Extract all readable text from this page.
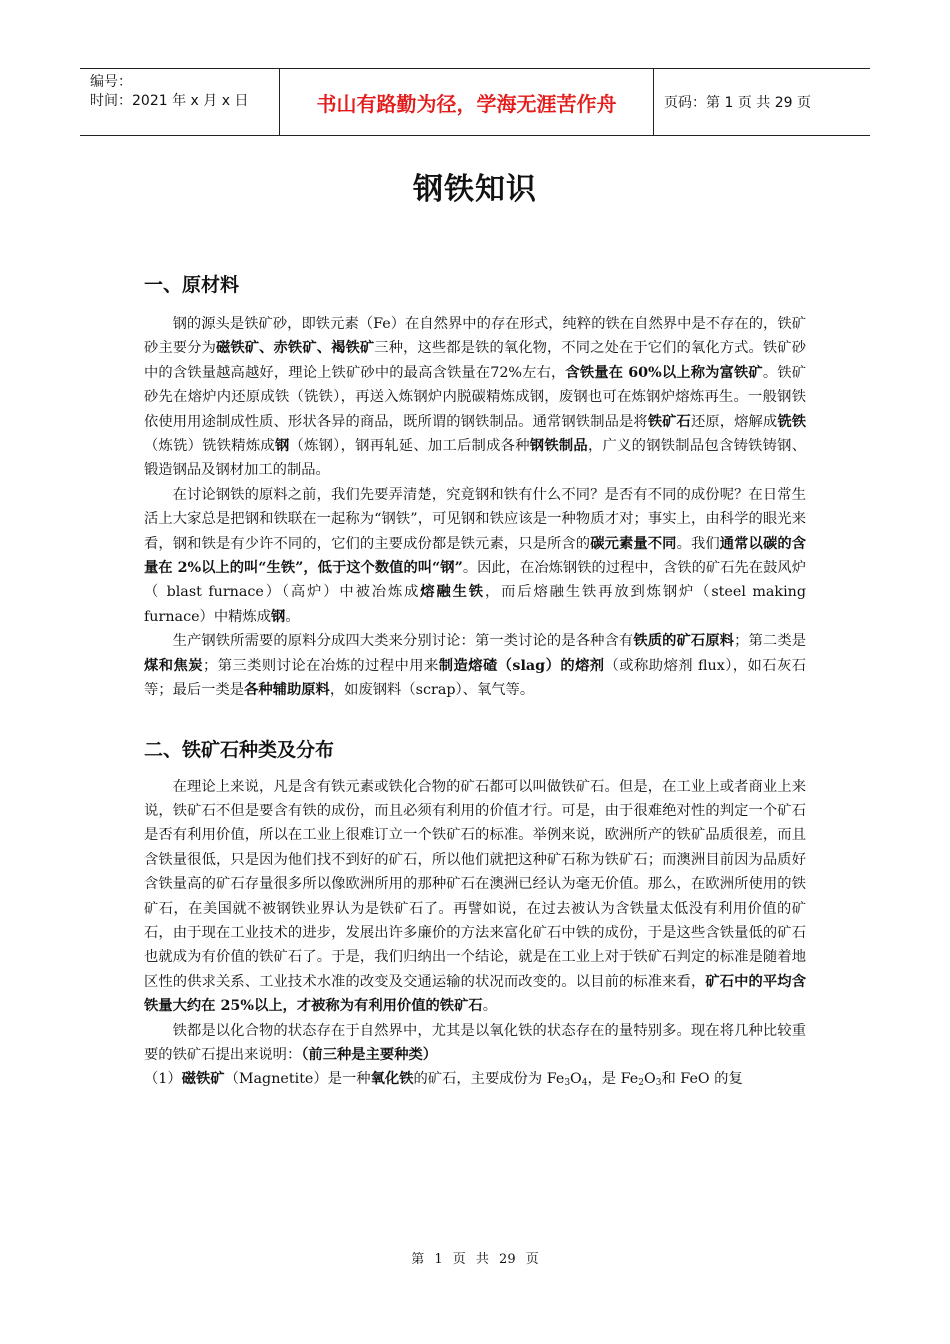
编号：
时间：2021 年 x 月 x 日	书山有路勤为径，学海无涯苦作舟	页码：第 1 页 共 29 页
钢铁知识
一、原材料

钢的源头是铁矿砂，即铁元素（Fe）在自然界中的存在形式，纯粹的铁在自然界中是不存在的，铁矿砂主要分为磁铁矿、赤铁矿、褐铁矿三种，这些都是铁的氧化物，不同之处在于它们的氧化方式。铁矿砂中的含铁量越高越好，理论上铁矿砂中的最高含铁量在72%左右，含铁量在 60%以上称为富铁矿。铁矿砂先在熔炉内还原成铁（铣铁），再送入炼钢炉内脱碳精炼成钢，废钢也可在炼钢炉熔炼再生。一般钢铁依使用用途制成性质、形状各异的商品，既所谓的钢铁制品。通常钢铁制品是将铁矿石还原，熔解成铣铁（炼铣）铣铁精炼成钢（炼钢），钢再轧延、加工后制成各种钢铁制品，广义的钢铁制品包含铸铁铸钢、锻造钢品及钢材加工的制品。

在讨论钢铁的原料之前，我们先要弄清楚，究竟钢和铁有什么不同？是否有不同的成份呢？在日常生活上大家总是把钢和铁联在一起称为“钢铁”，可见钢和铁应该是一种物质才对；事实上，由科学的眼光来看，钢和铁是有少许不同的，它们的主要成份都是铁元素，只是所含的碳元素量不同。我们通常以碳的含量在 2%以上的叫“生铁”，低于这个数值的叫“钢”。因此，在冶炼钢铁的过程中，含铁的矿石先在鼓风炉（ blast furnace）（高炉）中被冶炼成熔融生铁，而后熔融生铁再放到炼钢炉（steel making furnace）中精炼成钢。

生产钢铁所需要的原料分成四大类来分别讨论：第一类讨论的是各种含有铁质的矿石原料；第二类是煤和焦炭；第三类则讨论在冶炼的过程中用来制造熔碴（slag）的熔剂（或称助熔剂 flux），如石灰石等；最后一类是各种辅助原料，如废钢料（scrap）、氧气等。

二、铁矿石种类及分布

在理论上来说，凡是含有铁元素或铁化合物的矿石都可以叫做铁矿石。但是，在工业上或者商业上来说，铁矿石不但是要含有铁的成份，而且必须有利用的价值才行。可是，由于很难绝对性的判定一个矿石是否有利用价值，所以在工业上很难订立一个铁矿石的标准。举例来说，欧洲所产的铁矿品质很差，而且含铁量很低，只是因为他们找不到好的矿石，所以他们就把这种矿石称为铁矿石；而澳洲目前因为品质好含铁量高的矿石存量很多所以像欧洲所用的那种矿石在澳洲已经认为毫无价值。那么，在欧洲所使用的铁矿石，在美国就不被钢铁业界认为是铁矿石了。再譬如说，在过去被认为含铁量太低没有利用价值的矿石，由于现在工业技术的进步，发展出许多廉价的方法来富化矿石中铁的成份，于是这些含铁量低的矿石也就成为有价值的铁矿石了。于是，我们归纳出一个结论，就是在工业上对于铁矿石判定的标准是随着地区性的供求关系、工业技术水准的改变及交通运输的状况而改变的。以目前的标准来看，矿石中的平均含铁量大约在 25%以上，才被称为有利用价值的铁矿石。

铁都是以化合物的状态存在于自然界中，尤其是以氧化铁的状态存在的量特别多。现在将几种比较重要的铁矿石提出来说明：（前三种是主要种类）

（1）磁铁矿（Magnetite）是一种氧化铁的矿石，主要成份为 $Fe_3O_4$，是 $Fe_2O_3$和 FeO 的复

第 1 页 共 29 页
